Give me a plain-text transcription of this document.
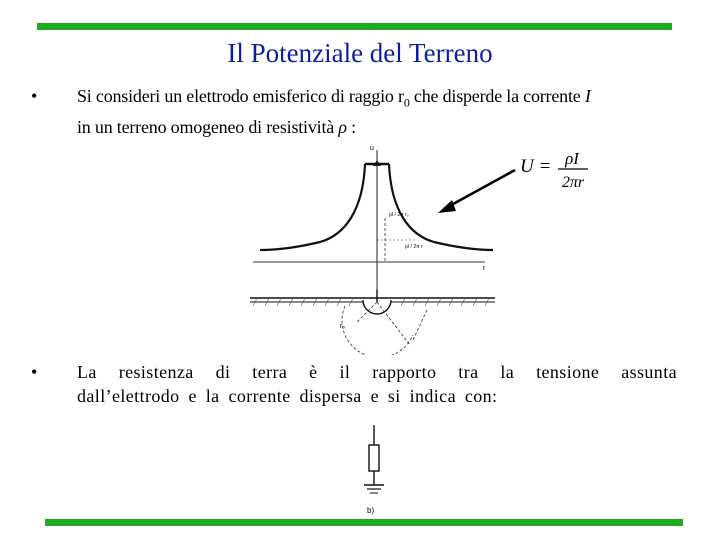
Il Potenziale del Terreno
•	Si consideri un elettrodo emisferico di raggio $r_0$ che disperde la corrente I
in un terreno omogeneo di resistività ρ :
U = ρI
2πr
u
ρI / 2π r₀
ρI / 2π r
r
r₀
•	La resistenza di terra è il rapporto tra la tensione assunta
dall’elettrodo e la corrente dispersa e si indica con:
b)
